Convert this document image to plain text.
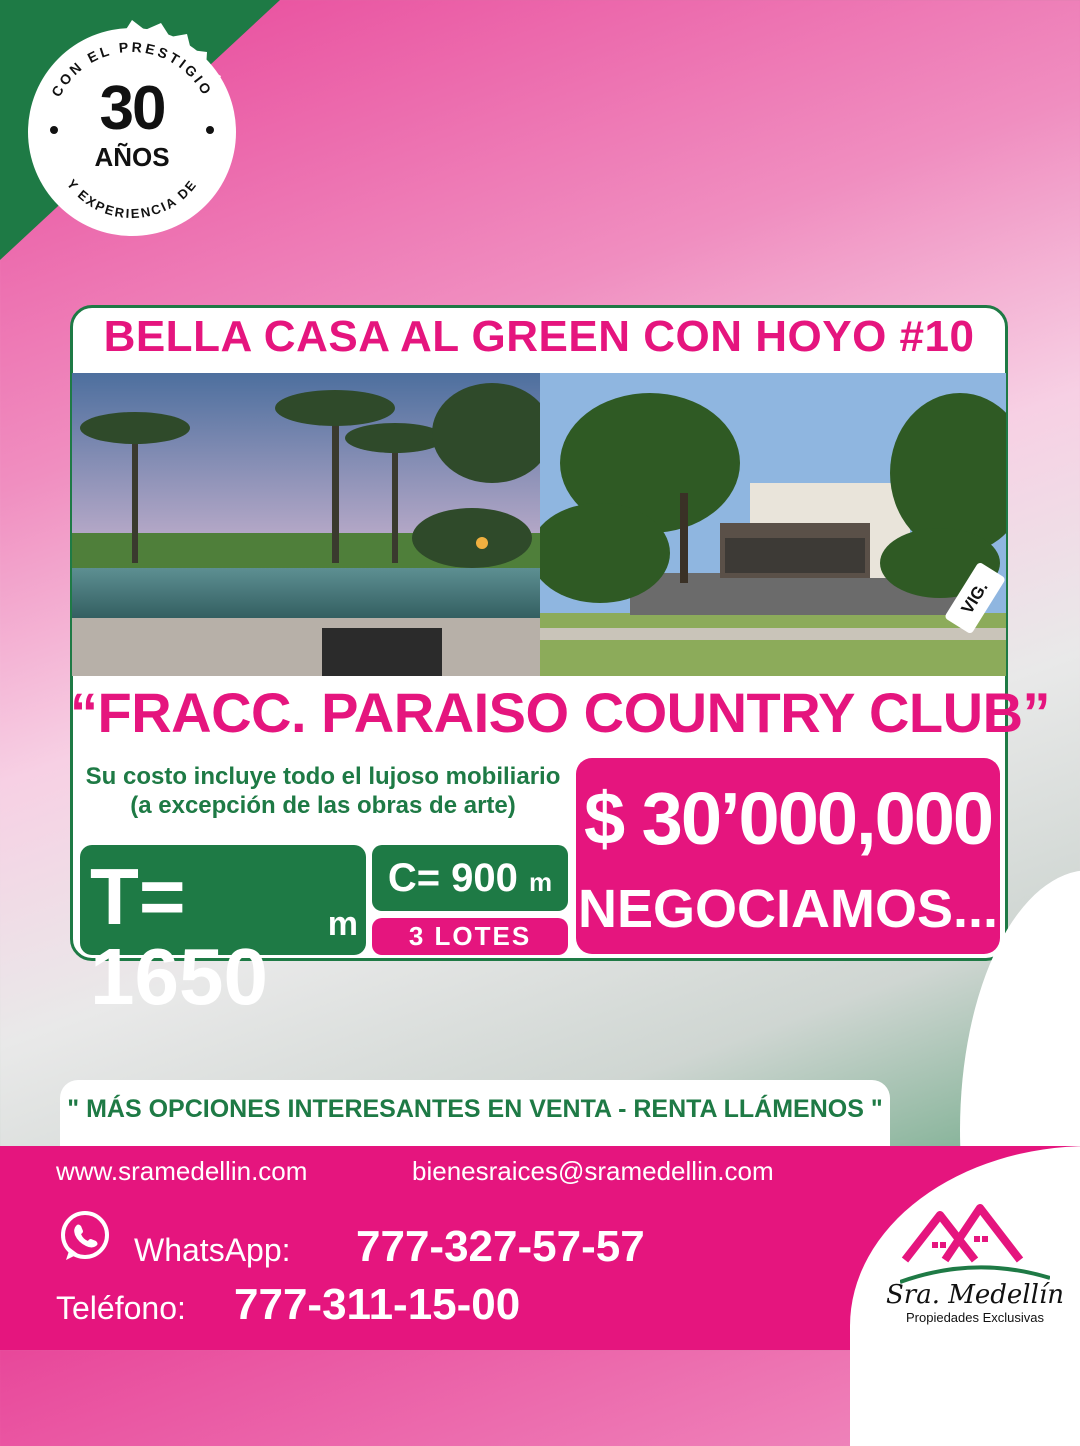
CON EL PRESTIGIO
30
AÑOS
Y EXPERIENCIA DE
BELLA CASA AL GREEN CON HOYO #10
VIG.
“FRACC. PARAISO COUNTRY CLUB”
Su costo incluye todo el lujoso mobiliario
(a excepción de las obras de arte)
T= 1650
m
C= 900 m
3 LOTES
$ 30’000,000
NEGOCIAMOS...
" MÁS OPCIONES INTERESANTES EN VENTA - RENTA LLÁMENOS "
www.sramedellin.com	bienesraices@sramedellin.com
WhatsApp: 777-327-57-57
Teléfono: 777-311-15-00	Sra. Medellín
Propiedades Exclusivas
